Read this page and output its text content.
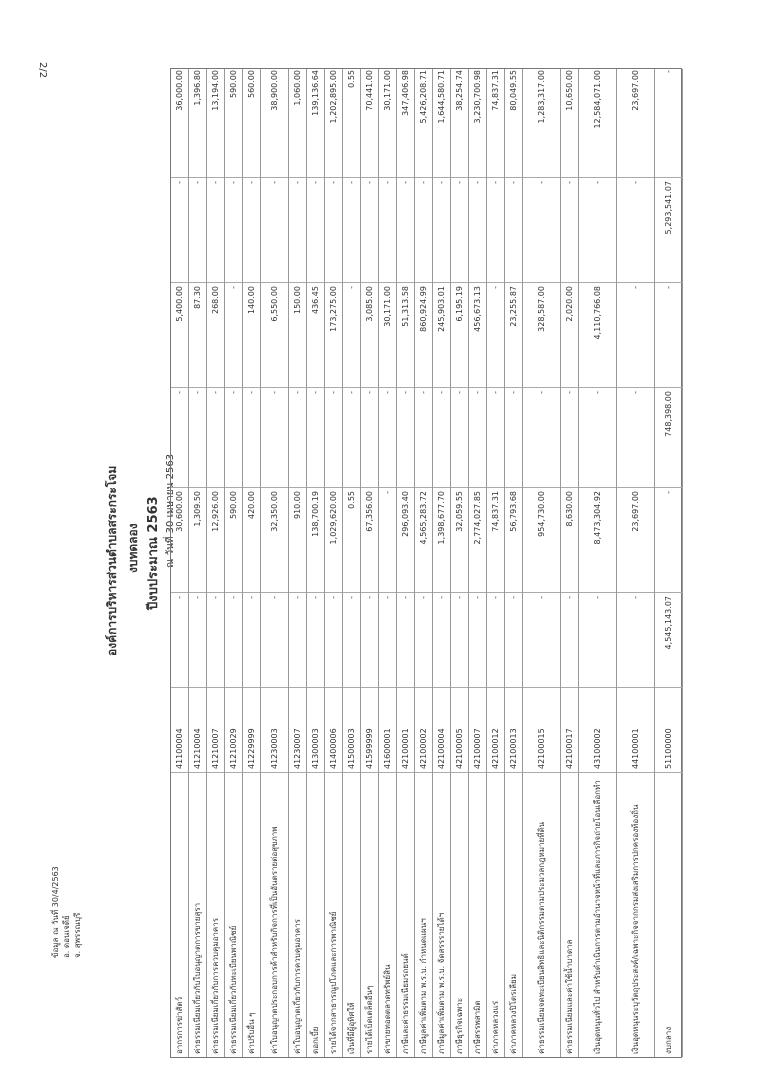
2/2
ข้อมูล ณ วันที่ 30/4/2563 อ. ดอนเจดีย์ จ. สุพรรณบุรี
องค์การบริหารส่วนตำบลสระกระโจม งบทดลอง ปีงบประมาณ 2563 ณ วันที่ 30 เมษายน 2563
อากรการฆ่าสัตว์
41100004
-
30,600.00
-
5,400.00
-
36,000.00
ค่าธรรมเนียมเกี่ยวกับใบอนุญาตการขายสุรา
41210004
-
1,309.50
-
87.30
-
1,396.80
ค่าธรรมเนียมเกี่ยวกับการควบคุมอาคาร
41210007
-
12,926.00
-
268.00
-
13,194.00
ค่าธรรมเนียมเกี่ยวกับทะเบียนพาณิชย์
41210029
-
590.00
-
-
-
590.00
ค่าปรับอื่น ๆ
41229999
-
420.00
-
140.00
-
560.00
ค่าใบอนุญาตประกอบการค้าสำหรับกิจการที่เป็นอันตรายต่อสุขภาพ
41230003
-
32,350.00
-
6,550.00
-
38,900.00
ค่าใบอนุญาตเกี่ยวกับการควบคุมอาคาร
41230007
-
910.00
-
150.00
-
1,060.00
ดอกเบี้ย
41300003
-
138,700.19
-
436.45
-
139,136.64
รายได้จากสาธารณูปโภคและการพาณิชย์
41400006
-
1,029,620.00
-
173,275.00
-
1,202,895.00
เงินที่มีผู้อุทิศให้
41500003
-
0.55
-
-
-
0.55
รายได้เบ็ดเตล็ดอื่นๆ
41599999
-
67,356.00
-
3,085.00
-
70,441.00
ค่าขายทอดตลาดทรัพย์สิน
41600001
-
-
-
30,171.00
-
30,171.00
ภาษีและค่าธรรมเนียมรถยนต์
42100001
-
296,093.40
-
51,313.58
-
347,406.98
ภาษีมูลค่าเพิ่มตาม พ.ร.บ. กำหนดแผนฯ
42100002
-
4,565,283.72
-
860,924.99
-
5,426,208.71
ภาษีมูลค่าเพิ่มตาม พ.ร.บ. จัดสรรรายได้ฯ
42100004
-
1,398,677.70
-
245,903.01
-
1,644,580.71
ภาษีธุรกิจเฉพาะ
42100005
-
32,059.55
-
6,195.19
-
38,254.74
ภาษีสรรพสามิต
42100007
-
2,774,027.85
-
456,673.13
-
3,230,700.98
ค่าภาคหลวงแร่
42100012
-
74,837.31
-
-
-
74,837.31
ค่าภาคหลวงปิโตรเลียม
42100013
-
56,793.68
-
23,255.87
-
80,049.55
ค่าธรรมเนียมจดทะเบียนสิทธิและนิติกรรมตามประมวลกฎหมายที่ดิน
42100015
-
954,730.00
-
328,587.00
-
1,283,317.00
ค่าธรรมเนียมและค่าใช้น้ำบาดาล
42100017
-
8,630.00
-
2,020.00
-
10,650.00
เงินอุดหนุนทั่วไป สำหรับดำเนินการตามอำนาจหน้าที่และภารกิจถ่ายโอนเลือกทำ
43100002
-
8,473,304.92
-
4,110,766.08
-
12,584,071.00
เงินอุดหนุนระบุวัตถุประสงค์/เฉพาะกิจจากกรมส่งเสริมการปกครองท้องถิ่น
44100001
-
23,697.00
-
-
-
23,697.00
งบกลาง
51100000
4,545,143.07
-
748,398.00
-
5,293,541.07
-
